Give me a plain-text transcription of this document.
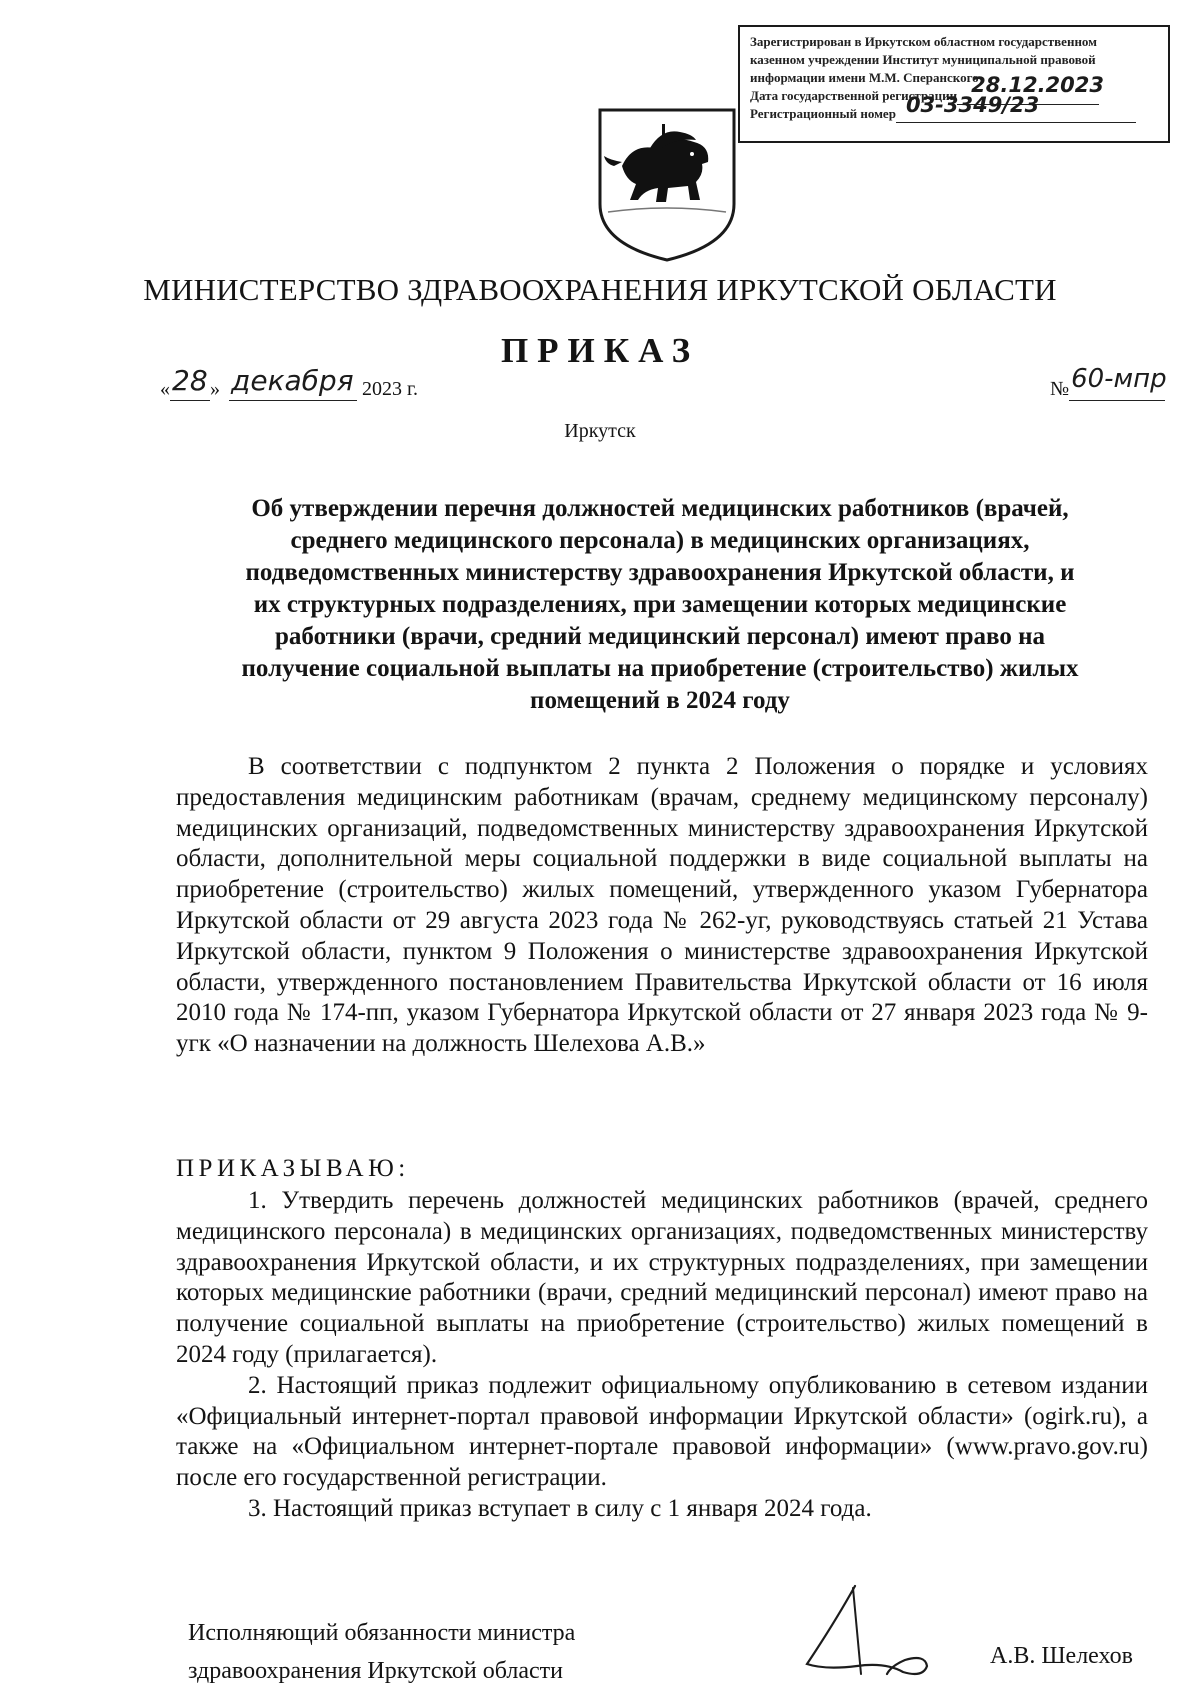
Зарегистрирован в Иркутском областном государственном
казенном учреждении Институт муниципальной правовой
информации имени М.М. Сперанского
Дата государственной регистрации 28.12.2023
Регистрационный номер 03-3349/23
МИНИСТЕРСТВО ЗДРАВООХРАНЕНИЯ ИРКУТСКОЙ ОБЛАСТИ
ПРИКАЗ
« 28 » декабря 2023 г.	№ 60-мпр
Иркутск
Об утверждении перечня должностей медицинских работников (врачей,
среднего медицинского персонала) в медицинских организациях,
подведомственных министерству здравоохранения Иркутской области, и
их структурных подразделениях, при замещении которых медицинские
работники (врачи, средний медицинский персонал) имеют право на
получение социальной выплаты на приобретение (строительство) жилых
помещений в 2024 году

В соответствии с подпунктом 2 пункта 2 Положения о порядке и условиях предоставления медицинским работникам (врачам, среднему медицинскому персоналу) медицинских организаций, подведомственных министерству здравоохранения Иркутской области, дополнительной меры социальной поддержки в виде социальной выплаты на приобретение (строительство) жилых помещений, утвержденного указом Губернатора Иркутской области от 29 августа 2023 года № 262-уг, руководствуясь статьей 21 Устава Иркутской области, пунктом 9 Положения о министерстве здравоохранения Иркутской области, утвержденного постановлением Правительства Иркутской области от 16 июля 2010 года № 174-пп, указом Губернатора Иркутской области от 27 января 2023 года № 9-угк «О назначении на должность Шелехова А.В.»

ПРИКАЗЫВАЮ:

1. Утвердить перечень должностей медицинских работников (врачей, среднего медицинского персонала) в медицинских организациях, подведомственных министерству здравоохранения Иркутской области, и их структурных подразделениях, при замещении которых медицинские работники (врачи, средний медицинский персонал) имеют право на получение социальной выплаты на приобретение (строительство) жилых помещений в 2024 году (прилагается).

2. Настоящий приказ подлежит официальному опубликованию в сетевом издании «Официальный интернет-портал правовой информации Иркутской области» (ogirk.ru), а также на «Официальном интернет-портале правовой информации» (www.pravo.gov.ru) после его государственной регистрации.

3. Настоящий приказ вступает в силу с 1 января 2024 года.

Исполняющий обязанности министра
здравоохранения Иркутской области
А.В. Шелехов
